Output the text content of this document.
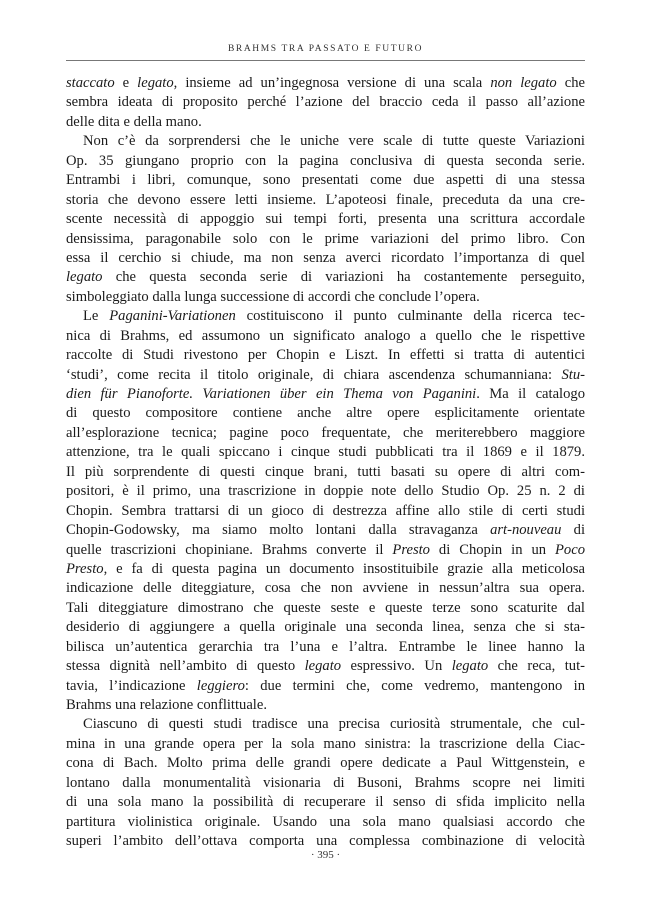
BRAHMS TRA PASSATO E FUTURO
staccato e legato, insieme ad un’ingegnosa versione di una scala non legato che
sembra ideata di proposito perché l’azione del braccio ceda il passo all’azione
delle dita e della mano.
Non c’è da sorprendersi che le uniche vere scale di tutte queste Variazioni
Op. 35 giungano proprio con la pagina conclusiva di questa seconda serie.
Entrambi i libri, comunque, sono presentati come due aspetti di una stessa
storia che devono essere letti insieme. L’apoteosi finale, preceduta da una cre-
scente necessità di appoggio sui tempi forti, presenta una scrittura accordale
densissima, paragonabile solo con le prime variazioni del primo libro. Con
essa il cerchio si chiude, ma non senza averci ricordato l’importanza di quel
legato che questa seconda serie di variazioni ha costantemente perseguito,
simboleggiato dalla lunga successione di accordi che conclude l’opera.
Le Paganini-Variationen costituiscono il punto culminante della ricerca tec-
nica di Brahms, ed assumono un significato analogo a quello che le rispettive
raccolte di Studi rivestono per Chopin e Liszt. In effetti si tratta di autentici
‘studi’, come recita il titolo originale, di chiara ascendenza schumanniana: Stu-
dien für Pianoforte. Variationen über ein Thema von Paganini. Ma il catalogo
di questo compositore contiene anche altre opere esplicitamente orientate
all’esplorazione tecnica; pagine poco frequentate, che meriterebbero maggiore
attenzione, tra le quali spiccano i cinque studi pubblicati tra il 1869 e il 1879.
Il più sorprendente di questi cinque brani, tutti basati su opere di altri com-
positori, è il primo, una trascrizione in doppie note dello Studio Op. 25 n. 2 di
Chopin. Sembra trattarsi di un gioco di destrezza affine allo stile di certi studi
Chopin-Godowsky, ma siamo molto lontani dalla stravaganza art-nouveau di
quelle trascrizioni chopiniane. Brahms converte il Presto di Chopin in un Poco
Presto, e fa di questa pagina un documento insostituibile grazie alla meticolosa
indicazione delle diteggiature, cosa che non avviene in nessun’altra sua opera.
Tali diteggiature dimostrano che queste seste e queste terze sono scaturite dal
desiderio di aggiungere a quella originale una seconda linea, senza che si sta-
bilisca un’autentica gerarchia tra l’una e l’altra. Entrambe le linee hanno la
stessa dignità nell’ambito di questo legato espressivo. Un legato che reca, tut-
tavia, l’indicazione leggiero: due termini che, come vedremo, mantengono in
Brahms una relazione conflittuale.
Ciascuno di questi studi tradisce una precisa curiosità strumentale, che cul-
mina in una grande opera per la sola mano sinistra: la trascrizione della Ciac-
cona di Bach. Molto prima delle grandi opere dedicate a Paul Wittgenstein, e
lontano dalla monumentalità visionaria di Busoni, Brahms scopre nei limiti
di una sola mano la possibilità di recuperare il senso di sfida implicito nella
partitura violinistica originale. Usando una sola mano qualsiasi accordo che
superi l’ambito dell’ottava comporta una complessa combinazione di velocità
· 395 ·
